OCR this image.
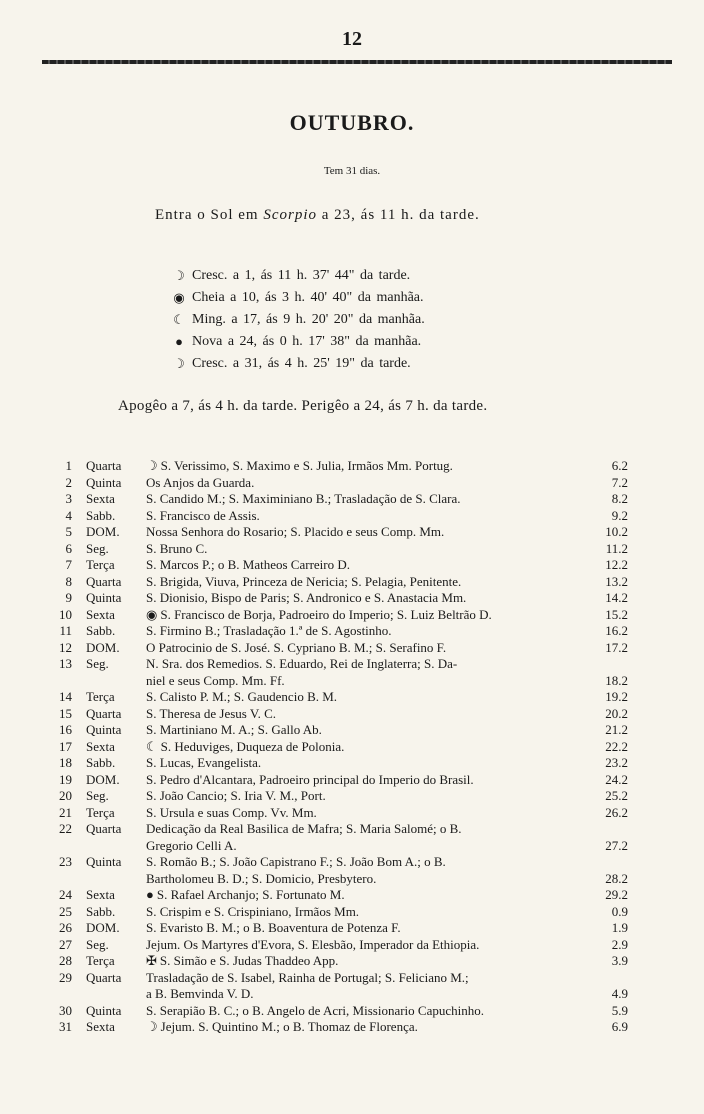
12
OUTUBRO.
Tem 31 dias.
Entra o Sol em Scorpio a 23, ás 11 h. da tarde.
☽ Cresc. a 1, ás 11 h. 37' 44" da tarde.
◉ Cheia a 10, ás 3 h. 40' 40" da manhãa.
☾ Ming. a 17, ás 9 h. 20' 20" da manhãa.
● Nova a 24, ás 0 h. 17' 38" da manhãa.
☽ Cresc. a 31, ás 4 h. 25' 19" da tarde.
Apogêo a 7, ás 4 h. da tarde. Perigêo a 24, ás 7 h. da tarde.
1 Quarta	☽ S. Verissimo, S. Maximo e S. Julia, Irmãos Mm. Portug.	6.2
2 Quinta	Os Anjos da Guarda.	7.2
3 Sexta	S. Candido M.; S. Maximiniano B.; Trasladação de S. Clara.	8.2
4 Sabb.	S. Francisco de Assis.	9.2
5 DOM.	Nossa Senhora do Rosario; S. Placido e seus Comp. Mm.	10.2
6 Seg.	S. Bruno C.	11.2
7 Terça	S. Marcos P.; o B. Matheos Carreiro D.	12.2
8 Quarta	S. Brigida, Viuva, Princeza de Nericia; S. Pelagia, Penitente.	13.2
9 Quinta	S. Dionisio, Bispo de Paris; S. Andronico e S. Anastacia Mm.	14.2
10 Sexta	◉ S. Francisco de Borja, Padroeiro do Imperio; S. Luiz Beltrão D.	15.2
11 Sabb.	S. Firmino B.; Trasladação 1.ª de S. Agostinho.	16.2
12 DOM.	O Patrocinio de S. José. S. Cypriano B. M.; S. Serafino F.	17.2
13 Seg.	N. Sra. dos Remedios. S. Eduardo, Rei de Inglaterra; S. Da-
niel e seus Comp. Mm. Ff.	18.2
14 Terça	S. Calisto P. M.; S. Gaudencio B. M.	19.2
15 Quarta	S. Theresa de Jesus V. C.	20.2
16 Quinta	S. Martiniano M. A.; S. Gallo Ab.	21.2
17 Sexta	☾ S. Heduviges, Duqueza de Polonia.	22.2
18 Sabb.	S. Lucas, Evangelista.	23.2
19 DOM.	S. Pedro d'Alcantara, Padroeiro principal do Imperio do Brasil.	24.2
20 Seg.	S. João Cancio; S. Iria V. M., Port.	25.2
21 Terça	S. Ursula e suas Comp. Vv. Mm.	26.2
22 Quarta	Dedicação da Real Basilica de Mafra; S. Maria Salomé; o B.
Gregorio Celli A.	27.2
23 Quinta	S. Romão B.; S. João Capistrano F.; S. João Bom A.; o B.
Bartholomeu B. D.; S. Domicio, Presbytero.	28.2
24 Sexta	● S. Rafael Archanjo; S. Fortunato M.	29.2
25 Sabb.	S. Crispim e S. Crispiniano, Irmãos Mm.	0.9
26 DOM.	S. Evaristo B. M.; o B. Boaventura de Potenza F.	1.9
27 Seg.	Jejum. Os Martyres d'Evora, S. Elesbão, Imperador da Ethiopia.	2.9
28 Terça	✠ S. Simão e S. Judas Thaddeo App.	3.9
29 Quarta	Trasladação de S. Isabel, Rainha de Portugal; S. Feliciano M.;
a B. Bemvinda V. D.	4.9
30 Quinta	S. Serapião B. C.; o B. Angelo de Acri, Missionario Capuchinho.	5.9
31 Sexta	☽ Jejum. S. Quintino M.; o B. Thomaz de Florença.	6.9
